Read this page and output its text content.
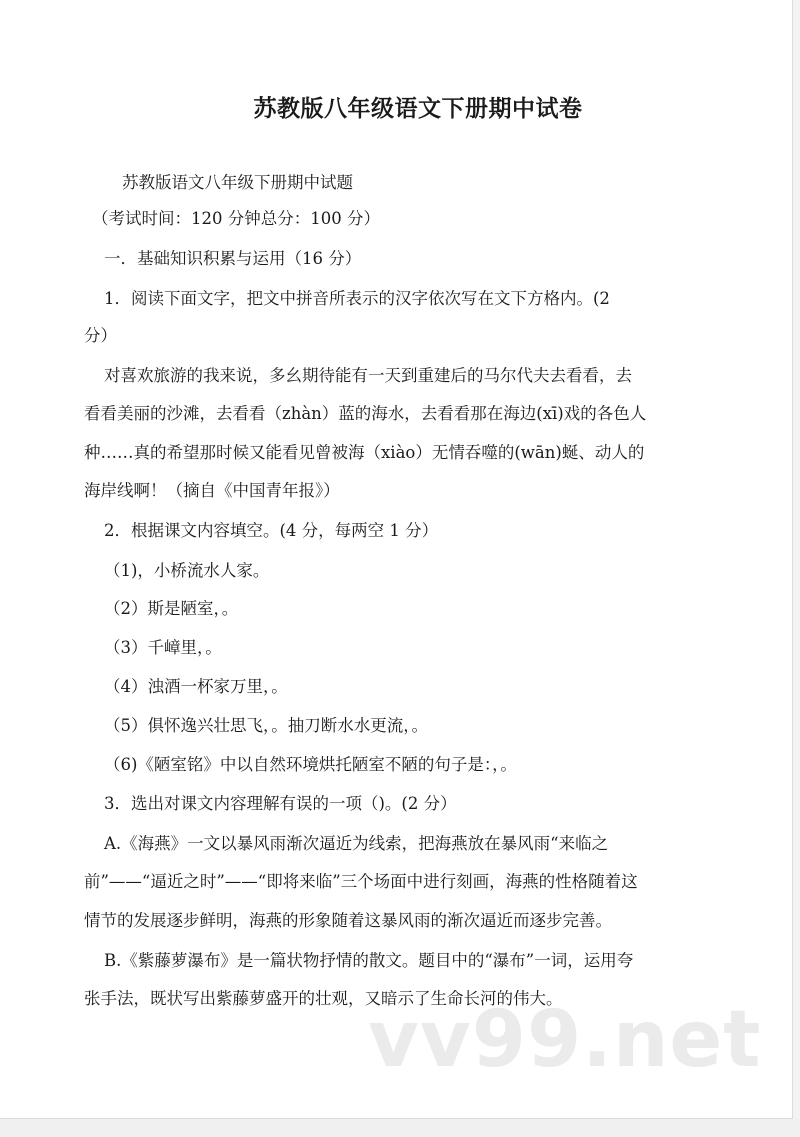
苏教版八年级语文下册期中试卷
苏教版语文八年级下册期中试题
（考试时间：120 分钟总分：100 分）
一．基础知识积累与运用（16 分）
1．阅读下面文字，把文中拼音所表示的汉字依次写在文下方格内。(2
分）
对喜欢旅游的我来说，多幺期待能有一天到重建后的马尔代夫去看看，去
看看美丽的沙滩，去看看（zhàn）蓝的海水，去看看那在海边(xī)戏的各色人
种……真的希望那时候又能看见曾被海（xiào）无情吞噬的(wān)蜒、动人的
海岸线啊！（摘自《中国青年报》）
2．根据课文内容填空。(4 分，每两空 1 分）
（1)，小桥流水人家。
（2）斯是陋室，。
（3）千嶂里，。
（4）浊酒一杯家万里，。
（5）俱怀逸兴壮思飞，。抽刀断水水更流，。
（6)《陋室铭》中以自然环境烘托陋室不陋的句子是：，。
3．选出对课文内容理解有误的一项（)。(2 分）
A.《海燕》一文以暴风雨渐次逼近为线索，把海燕放在暴风雨“来临之
前”——“逼近之时”——“即将来临”三个场面中进行刻画，海燕的性格随着这
情节的发展逐步鲜明，海燕的形象随着这暴风雨的渐次逼近而逐步完善。
B.《紫藤萝瀑布》是一篇状物抒情的散文。题目中的“瀑布”一词，运用夸
张手法，既状写出紫藤萝盛开的壮观，又暗示了生命长河的伟大。
vv99.net
